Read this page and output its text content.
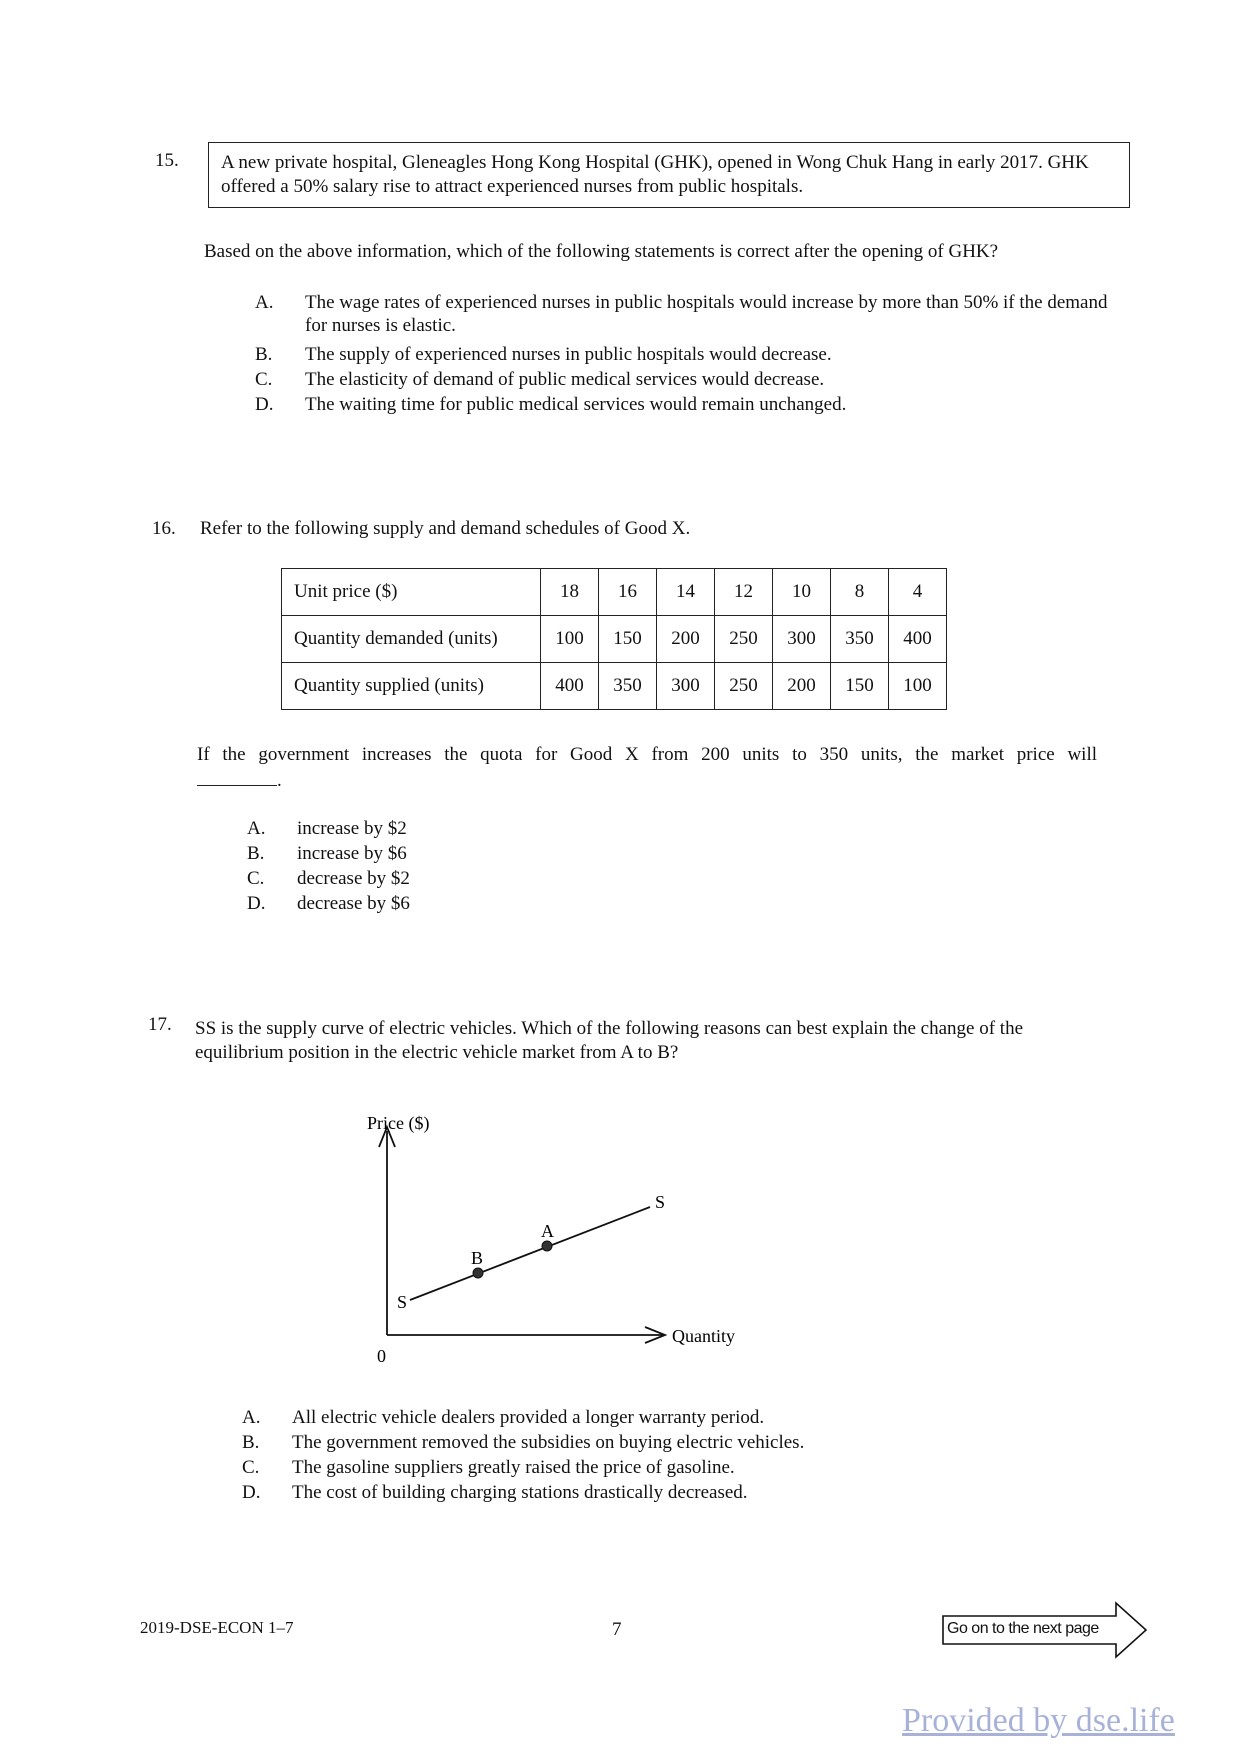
15.	A new private hospital, Gleneagles Hong Kong Hospital (GHK), opened in Wong Chuk Hang in early 2017. GHK offered a 50% salary rise to attract experienced nurses from public hospitals.
Based on the above information, which of the following statements is correct after the opening of GHK?
A.	The wage rates of experienced nurses in public hospitals would increase by more than 50% if the demand for nurses is elastic.
B.	The supply of experienced nurses in public hospitals would decrease.
C.	The elasticity of demand of public medical services would decrease.
D.	The waiting time for public medical services would remain unchanged.
16. Refer to the following supply and demand schedules of Good X.
Unit price ($)	18	16	14	12	10	8	4
Quantity demanded (units)	100	150	200	250	300	350	400
Quantity supplied (units)	400	350	300	250	200	150	100
If the government increases the quota for Good X from 200 units to 350 units, the market price will
.
A.	increase by $2
B.	increase by $6
C.	decrease by $2
D.	decrease by $6
17. SS is the supply curve of electric vehicles. Which of the following reasons can best explain the change of the equilibrium position in the electric vehicle market from A to B?
Price ($)
Quantity
0
S
S
B
A
A.	All electric vehicle dealers provided a longer warranty period.
B.	The government removed the subsidies on buying electric vehicles.
C.	The gasoline suppliers greatly raised the price of gasoline.
D.	The cost of building charging stations drastically decreased.
2019-DSE-ECON 1–7	7	Go on to the next page
Provided by dse.life
